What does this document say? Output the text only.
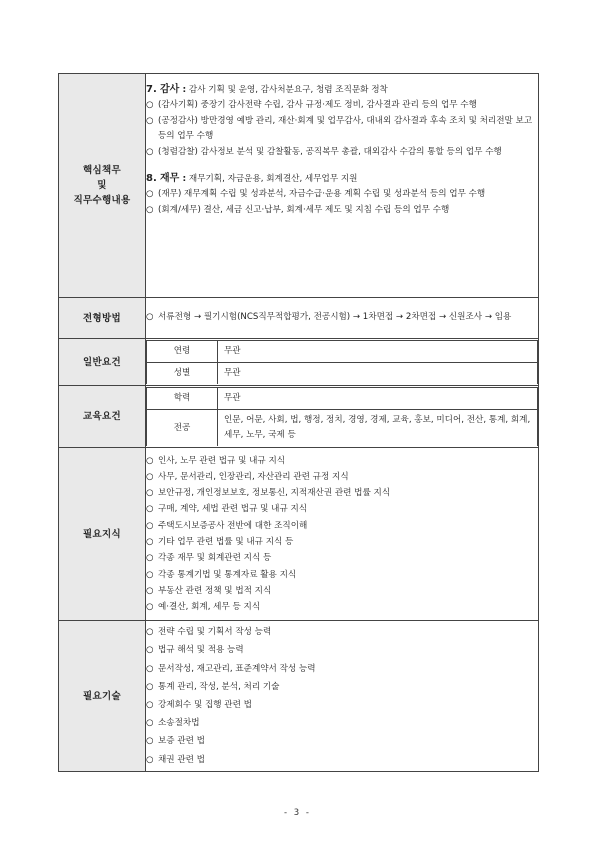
핵심책무
및
직무수행내용

7. 감사 : 감사 기획 및 운영, 감사처분요구, 청렴 조직문화 정착
○ (감사기획) 중장기 감사전략 수립, 감사 규정·제도 정비, 감사결과 관리 등의 업무 수행
○ (공정감사) 방만경영 예방 관리, 재산·회계 및 업무감사, 대내외 감사결과 후속 조치 및 처리전말 보고 등의 업무 수행
○ (청렴감찰) 감사정보 분석 및 감찰활동, 공직복무 총괄, 대외감사 수감의 통할 등의 업무 수행
8. 재무 : 재무기획, 자금운용, 회계결산, 세무업무 지원
○ (재무) 재무계획 수립 및 성과분석, 자금수급·운용 계획 수립 및 성과분석 등의 업무 수행
○ (회계/세무) 결산, 세금 신고·납부, 회계·세무 제도 및 지침 수립 등의 업무 수행

전형방법	○ 서류전형 → 필기시험(NCS직무적합평가, 전공시험) → 1차면접 → 2차면접 → 신원조사 → 임용

일반요건	
연령	무관
성별	무관

교육요건	
학력	무관
전공	인문, 어문, 사회, 법, 행정, 정치, 경영, 경제, 교육, 홍보, 미디어, 전산, 통계, 회계, 세무, 노무, 국제 등

필요지식	
○ 인사, 노무 관련 법규 및 내규 지식
○ 사무, 문서관리, 인장관리, 자산관리 관련 규정 지식
○ 보안규정, 개인정보보호, 정보통신, 지적재산권 관련 법률 지식
○ 구매, 계약, 세법 관련 법규 및 내규 지식
○ 주택도시보증공사 전반에 대한 조직이해
○ 기타 업무 관련 법률 및 내규 지식 등
○ 각종 재무 및 회계관련 지식 등
○ 각종 통계기법 및 통계자료 활용 지식
○ 부동산 관련 정책 및 법적 지식
○ 예·결산, 회계, 세무 등 지식

필요기술	
○ 전략 수립 및 기획서 작성 능력
○ 법규 해석 및 적용 능력
○ 문서작성, 재고관리, 표준계약서 작성 능력
○ 통계 관리, 작성, 분석, 처리 기술
○ 강제회수 및 집행 관련 법
○ 소송절차법
○ 보증 관련 법
○ 채권 관련 법
- 3 -
